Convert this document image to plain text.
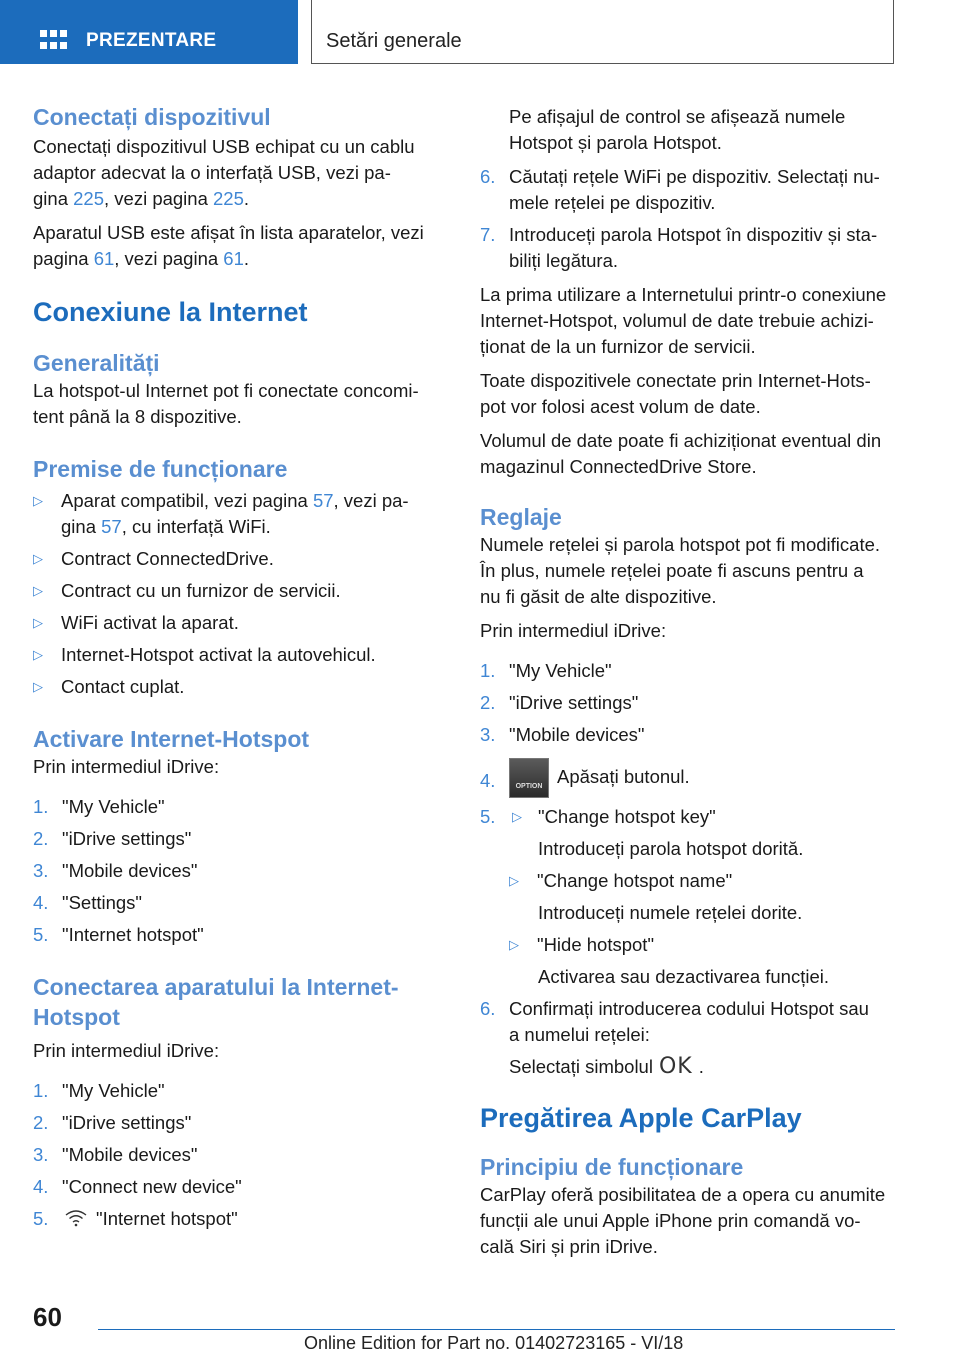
PREZENTARE	Setări generale
Conectați dispozitivul

Conectați dispozitivul USB echipat cu un cablu
adaptor adecvat la o interfață USB, vezi pa-
gina 225, vezi pagina 225.

Aparatul USB este afișat în lista aparatelor, vezi
pagina 61, vezi pagina 61.

Conexiune la Internet
Generalități

La hotspot-ul Internet pot fi conectate concomi-
tent până la 8 dispozitive.

Premise de funcționare
▷ Aparat compatibil, vezi pagina 57, vezi pa-
gina 57, cu interfață WiFi.
▷ Contract ConnectedDrive.
▷ Contract cu un furnizor de servicii.
▷ WiFi activat la aparat.
▷ Internet-Hotspot activat la autovehicul.
▷ Contact cuplat.
Activare Internet-Hotspot

Prin intermediul iDrive:

1. "My Vehicle"
2. "iDrive settings"
3. "Mobile devices"
4. "Settings"
5. "Internet hotspot"
Conectarea aparatului la Internet-
Hotspot

Prin intermediul iDrive:

1. "My Vehicle"
2. "iDrive settings"
3. "Mobile devices"
4. "Connect new device"
5.	"Internet hotspot"

Pe afișajul de control se afișează numele
Hotspot și parola Hotspot.

6. Căutați rețele WiFi pe dispozitiv. Selectați nu-
mele rețelei pe dispozitiv.
7. Introduceți parola Hotspot în dispozitiv și sta-
biliți legătura.

La prima utilizare a Internetului printr-o conexiune
Internet-Hotspot, volumul de date trebuie achizi-
ționat de la un furnizor de servicii.

Toate dispozitivele conectate prin Internet-Hots-
pot vor folosi acest volum de date.

Volumul de date poate fi achiziționat eventual din
magazinul ConnectedDrive Store.

Reglaje

Numele rețelei și parola hotspot pot fi modificate.
În plus, numele rețelei poate fi ascuns pentru a
nu fi găsit de alte dispozitive.

Prin intermediul iDrive:

1. "My Vehicle"
2. "iDrive settings"
3. "Mobile devices"
4.	OPTION Apăsați butonul.
5. ▷ "Change hotspot key"

Introduceți parola hotspot dorită.

▷ "Change hotspot name"

Introduceți numele rețelei dorite.

▷ "Hide hotspot"

Activarea sau dezactivarea funcției.

6. Confirmați introducerea codului Hotspot sau
a numelui rețelei:

Selectați simbolul OK .

Pregătirea Apple CarPlay
Principiu de funcționare

CarPlay oferă posibilitatea de a opera cu anumite
funcții ale unui Apple iPhone prin comandă vo-
cală Siri și prin iDrive.

60
Online Edition for Part no. 01402723165 - VI/18
